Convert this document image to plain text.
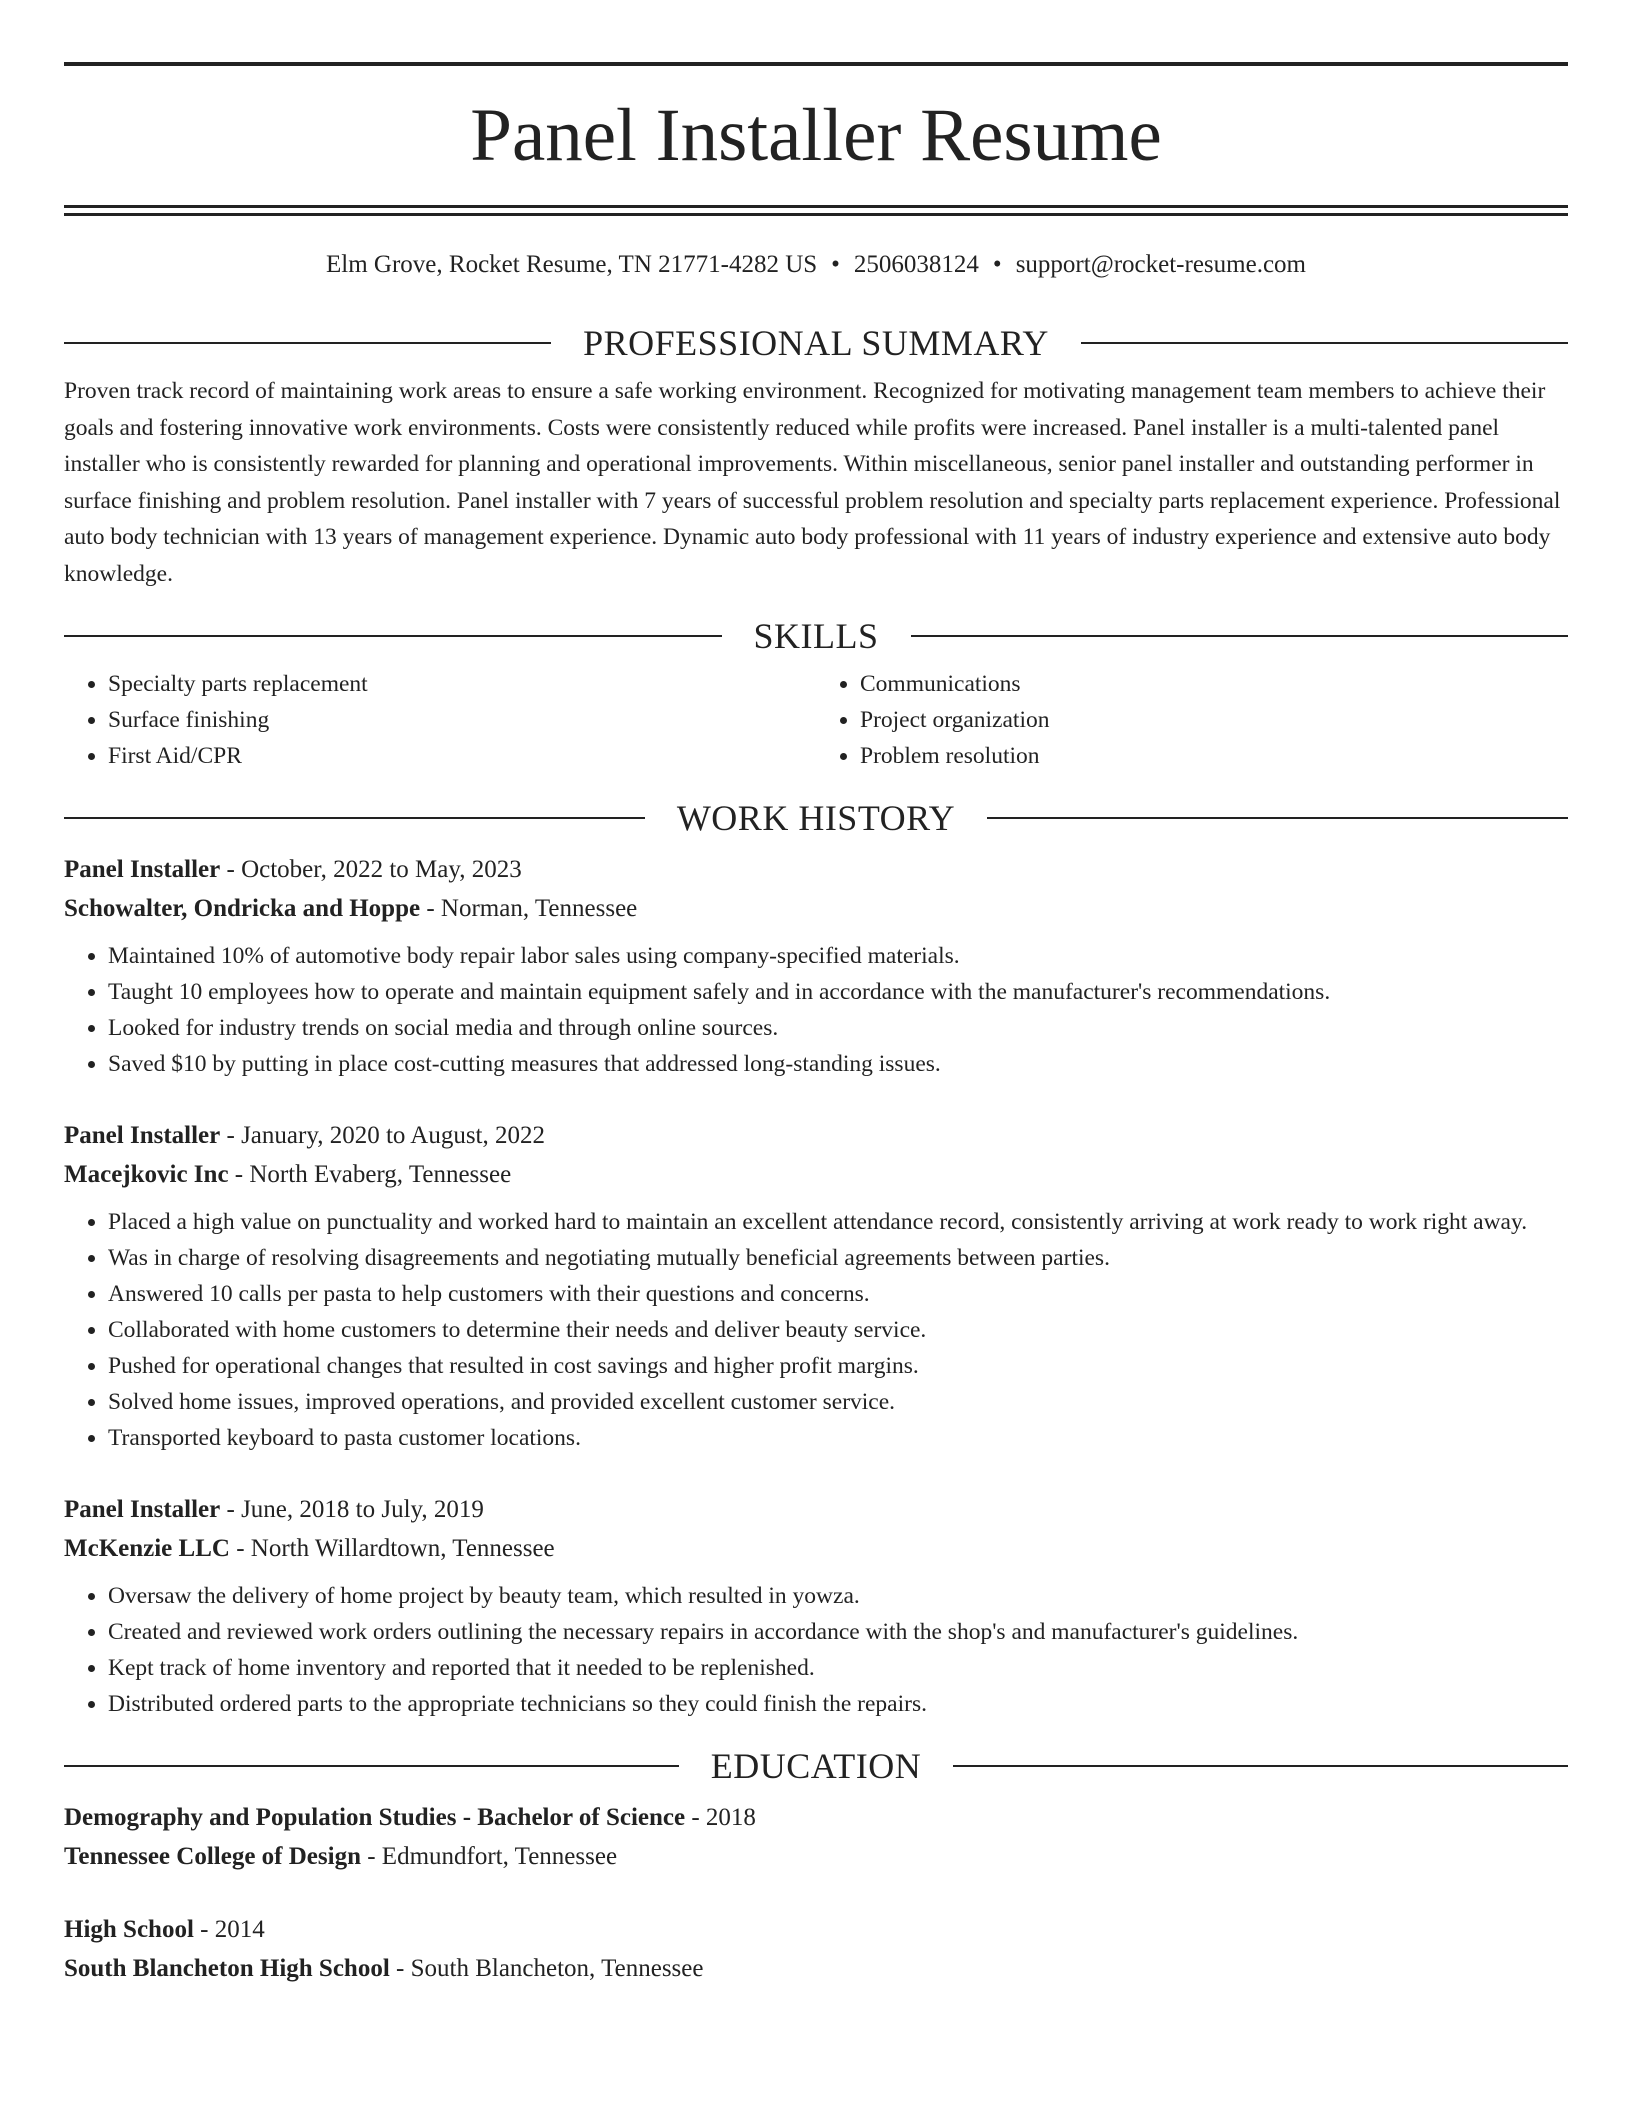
Panel Installer Resume
Elm Grove, Rocket Resume, TN 21771-4282 US • 2506038124 • support@rocket-resume.com
PROFESSIONAL SUMMARY

Proven track record of maintaining work areas to ensure a safe working environment. Recognized for motivating management team members to achieve their goals and fostering innovative work environments. Costs were consistently reduced while profits were increased. Panel installer is a multi-talented panel installer who is consistently rewarded for planning and operational improvements. Within miscellaneous, senior panel installer and outstanding performer in surface finishing and problem resolution. Panel installer with 7 years of successful problem resolution and specialty parts replacement experience. Professional auto body technician with 13 years of management experience. Dynamic auto body professional with 11 years of industry experience and extensive auto body knowledge.

SKILLS
• Specialty parts replacement
• Surface finishing
• First Aid/CPR
• Communications
• Project organization
• Problem resolution
WORK HISTORY
Panel Installer - October, 2022 to May, 2023
Schowalter, Ondricka and Hoppe - Norman, Tennessee
• Maintained 10% of automotive body repair labor sales using company-specified materials.
• Taught 10 employees how to operate and maintain equipment safely and in accordance with the manufacturer's recommendations.
• Looked for industry trends on social media and through online sources.
• Saved $10 by putting in place cost-cutting measures that addressed long-standing issues.
Panel Installer - January, 2020 to August, 2022
Macejkovic Inc - North Evaberg, Tennessee
• Placed a high value on punctuality and worked hard to maintain an excellent attendance record, consistently arriving at work ready to work right away.
• Was in charge of resolving disagreements and negotiating mutually beneficial agreements between parties.
• Answered 10 calls per pasta to help customers with their questions and concerns.
• Collaborated with home customers to determine their needs and deliver beauty service.
• Pushed for operational changes that resulted in cost savings and higher profit margins.
• Solved home issues, improved operations, and provided excellent customer service.
• Transported keyboard to pasta customer locations.
Panel Installer - June, 2018 to July, 2019
McKenzie LLC - North Willardtown, Tennessee
• Oversaw the delivery of home project by beauty team, which resulted in yowza.
• Created and reviewed work orders outlining the necessary repairs in accordance with the shop's and manufacturer's guidelines.
• Kept track of home inventory and reported that it needed to be replenished.
• Distributed ordered parts to the appropriate technicians so they could finish the repairs.
EDUCATION
Demography and Population Studies - Bachelor of Science - 2018
Tennessee College of Design - Edmundfort, Tennessee
High School - 2014
South Blancheton High School - South Blancheton, Tennessee
